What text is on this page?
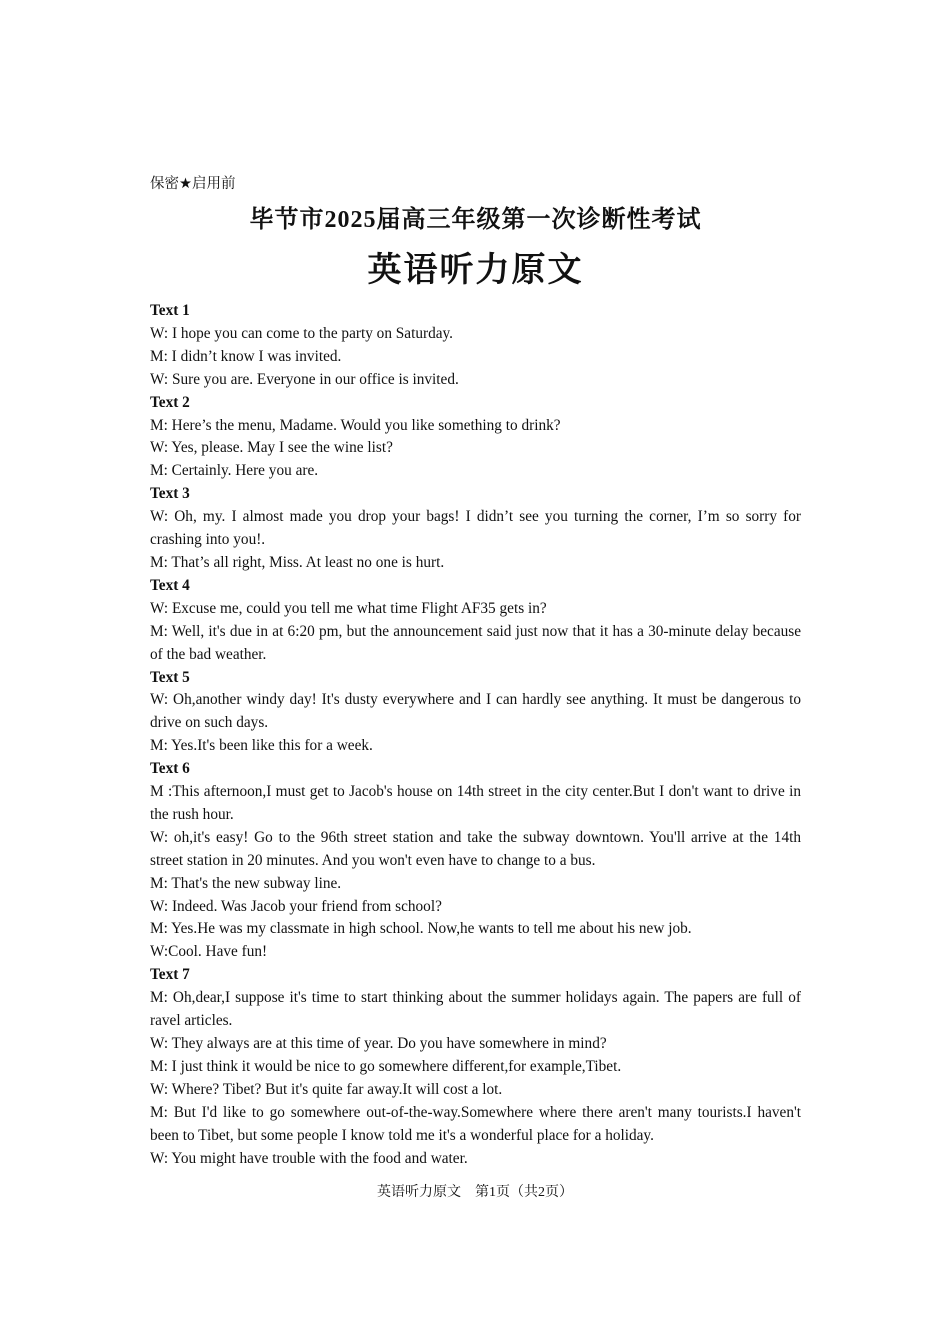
保密★启用前

毕节市2025届高三年级第一次诊断性考试
英语听力原文

Text 1

W: I hope you can come to the party on Saturday.

M: I didn’t know I was invited.

W: Sure you are. Everyone in our office is invited.

Text 2

M: Here’s the menu, Madame. Would you like something to drink?

W: Yes, please. May I see the wine list?

M: Certainly. Here you are.

Text 3

W: Oh, my. I almost made you drop your bags! I didn’t see you turning the corner, I’m so sorry for crashing into you!.

M: That’s all right, Miss. At least no one is hurt.

Text 4

W: Excuse me, could you tell me what time Flight AF35 gets in?

M: Well, it's due in at 6:20 pm, but the announcement said just now that it has a 30-minute delay because of the bad weather.

Text 5

W: Oh,another windy day! It's dusty everywhere and I can hardly see anything. It must be dangerous to drive on such days.

M: Yes.It's been like this for a week.

Text 6

M :This afternoon,I must get to Jacob's house on 14th street in the city center.But I don't want to drive in the rush hour.

W: oh,it's easy! Go to the 96th street station and take the subway downtown. You'll arrive at the 14th street station in 20 minutes. And you won't even have to change to a bus.

M: That's the new subway line.

W: Indeed. Was Jacob your friend from school?

M: Yes.He was my classmate in high school. Now,he wants to tell me about his new job.

W:Cool. Have fun!

Text 7

M: Oh,dear,I suppose it's time to start thinking about the summer holidays again. The papers are full of ravel articles.

W: They always are at this time of year. Do you have somewhere in mind?

M: I just think it would be nice to go somewhere different,for example,Tibet.

W: Where? Tibet? But it's quite far away.It will cost a lot.

M: But I'd like to go somewhere out-of-the-way.Somewhere where there aren't many tourists.I haven't been to Tibet, but some people I know told me it's a wonderful place for a holiday.

W: You might have trouble with the food and water.

英语听力原文 第1页（共2页）
